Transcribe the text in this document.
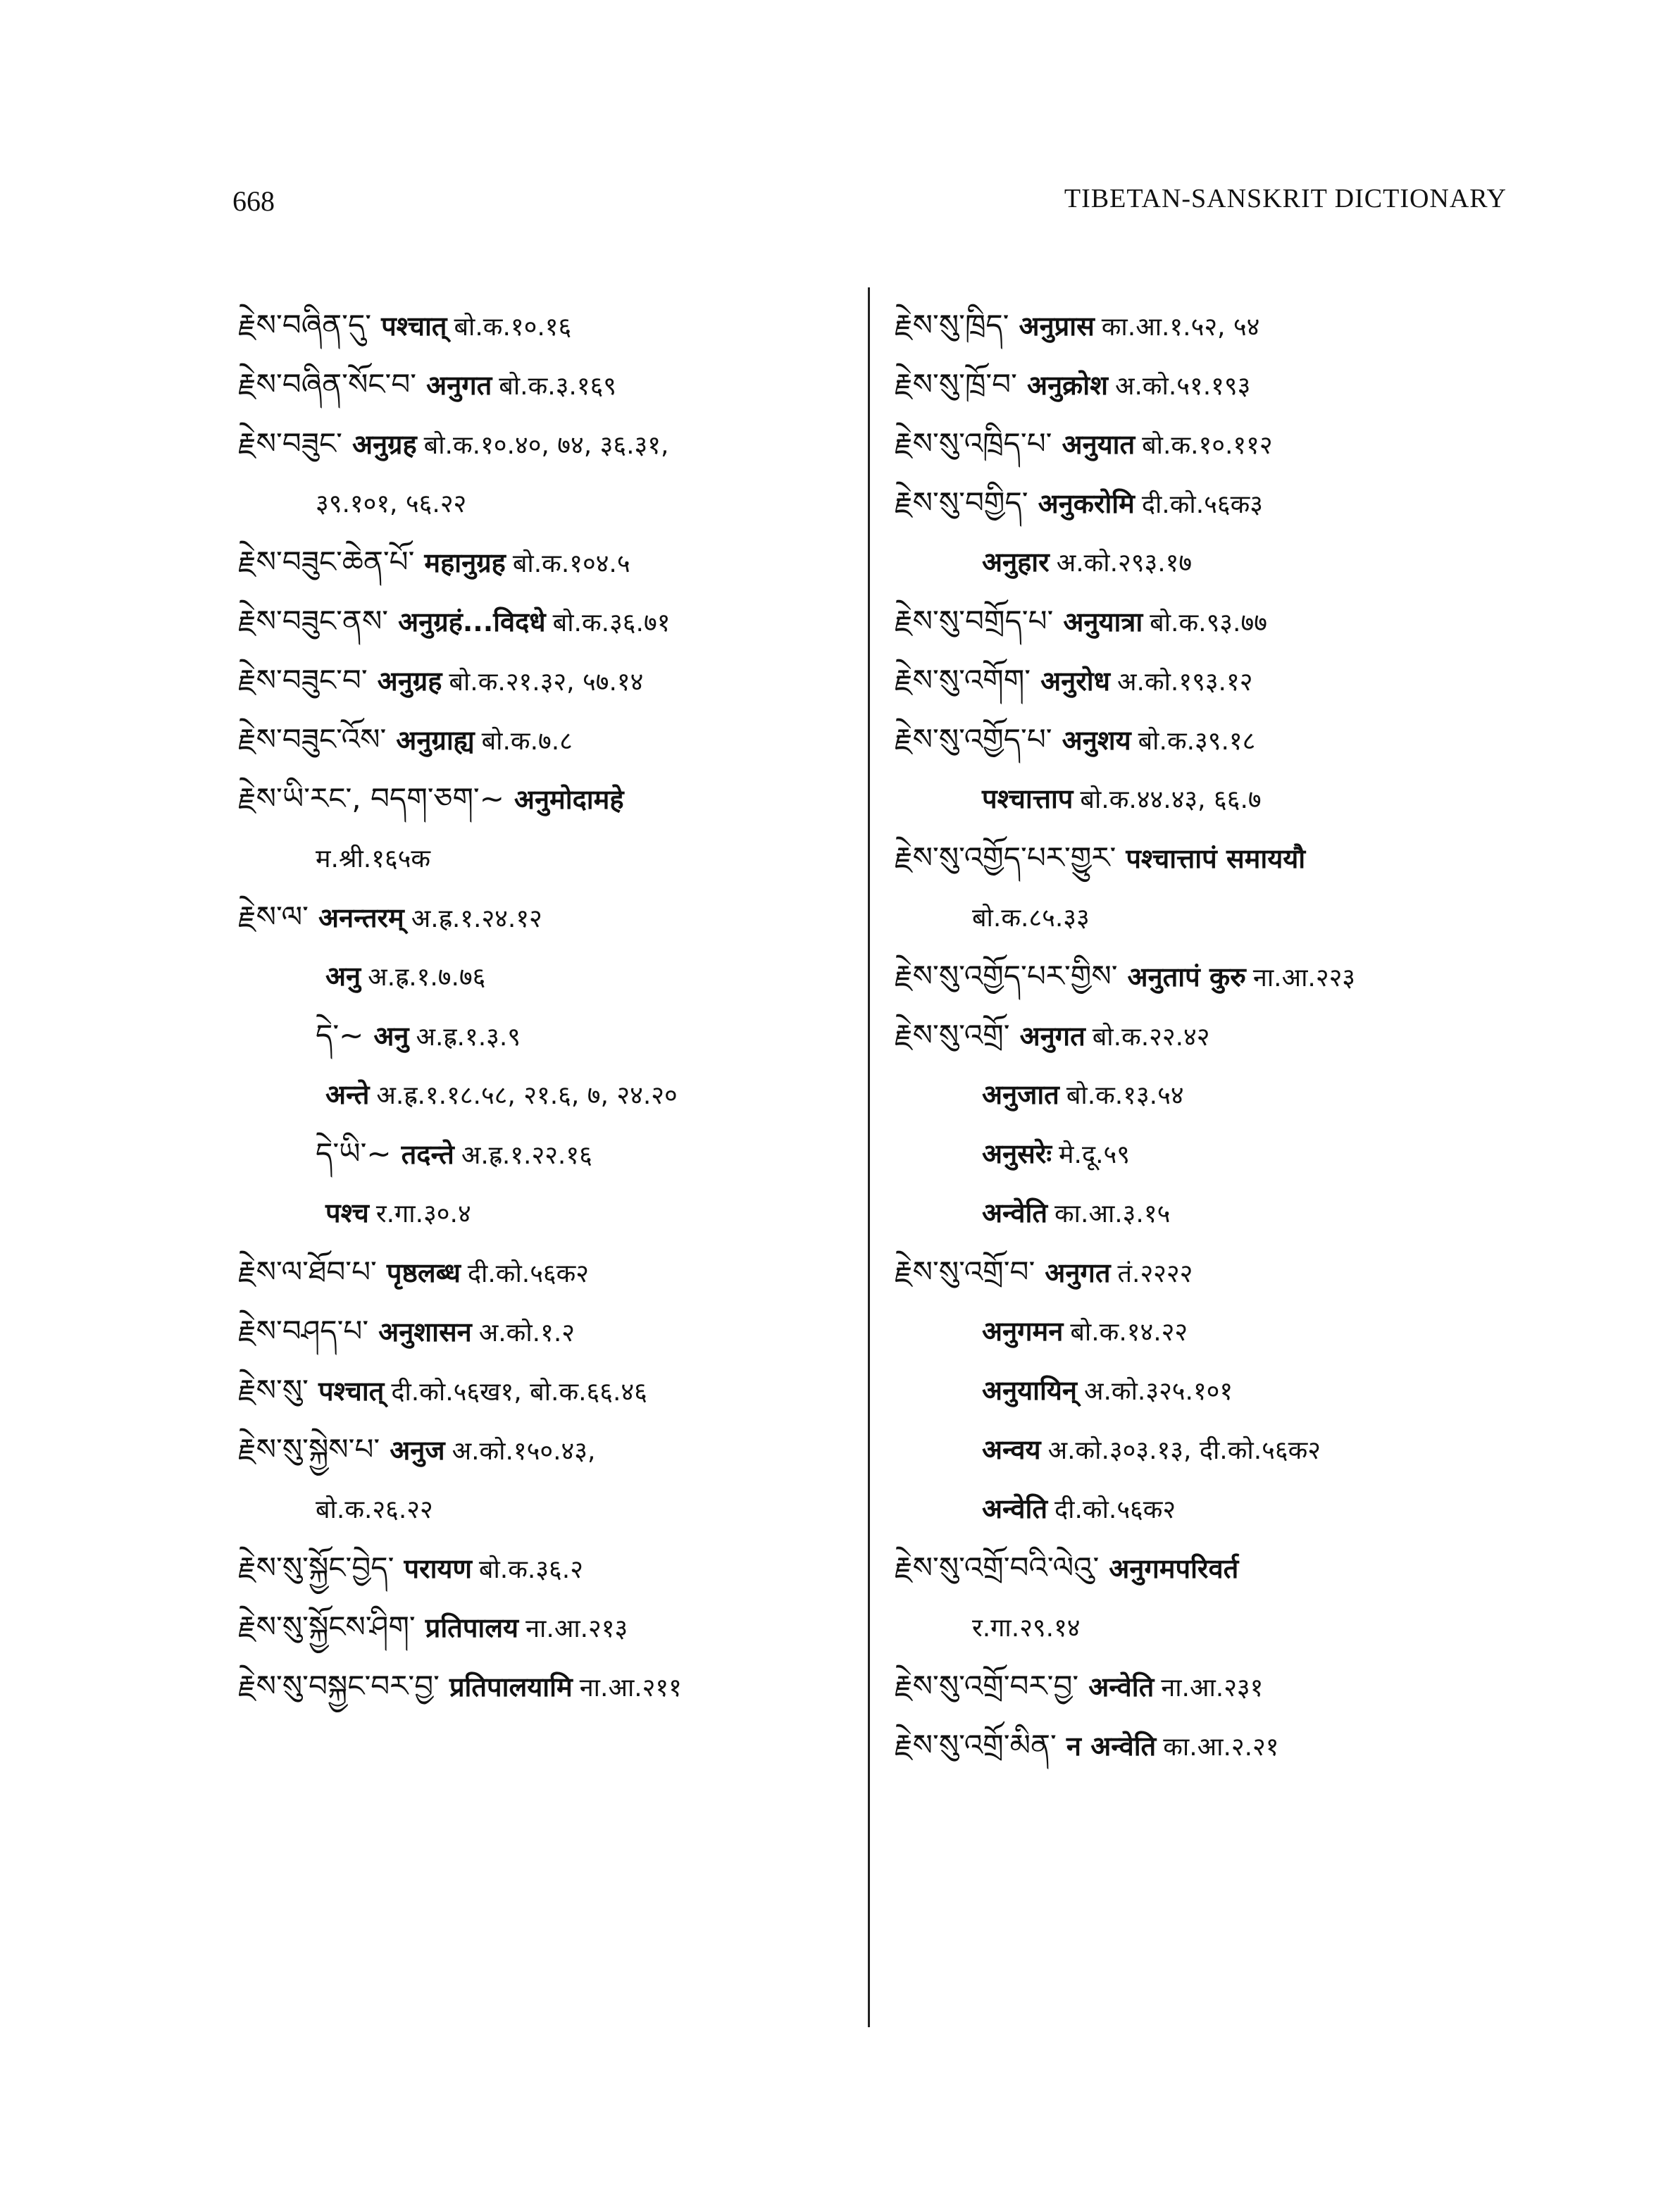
668	TIBETAN-SANSKRIT DICTIONARY
རྗེས་བཞིན་དུ་ पश्चात् बो.क.१०.१६
རྗེས་བཞིན་སོང་བ་ अनुगत बो.क.३.१६९
རྗེས་བཟུང་ अनुग्रह बो.क.१०.४०, ७४, ३६.३१,
३९.१०१, ५६.२२
རྗེས་བཟུང་ཆེན་པོ་ महानुग्रह बो.क.१०४.५
རྗེས་བཟུང་ནས་ अनुग्रहं...विदधे बो.क.३६.७१
རྗེས་བཟུང་བ་ अनुग्रह बो.क.२१.३२, ५७.१४
རྗེས་བཟུང་འོས་ अनुग्राह्य बो.क.७.८
རྗེས་ཡི་རང་, བདག་ཅག་~ अनुमोदामहे
म.श्री.१६५क
རྗེས་ལ་ अनन्तरम् अ.ह्र.१.२४.१२
अनु अ.ह्र.१.७.७६
དེ་~ अनु अ.ह्र.१.३.९
अन्ते अ.ह्र.१.१८.५८, २१.६, ७, २४.२०
དེ་ཡི་~ तदन्ते अ.ह्र.१.२२.१६
पश्च र.गा.३०.४
རྗེས་ལ་ཐོབ་པ་ पृष्ठलब्ध दी.को.५६क२
རྗེས་བཤད་པ་ अनुशासन अ.को.१.२
རྗེས་སུ་ पश्चात् दी.को.५६ख१, बो.क.६६.४६
རྗེས་སུ་སྐྱེས་པ་ अनुज अ.को.१५०.४३,
बो.क.२६.२२
རྗེས་སུ་སྐྱོང་བྱེད་ परायण बो.क.३६.२
རྗེས་སུ་སྐྱོངས་ཤིག་ प्रतिपालय ना.आ.२१३
རྗེས་སུ་བསྐྱང་བར་བྱ་ प्रतिपालयामि ना.आ.२११
རྗེས་སུ་ཁྲིད་ अनुप्रास का.आ.१.५२, ५४
རྗེས་སུ་ཁྲོ་བ་ अनुक्रोश अ.को.५१.१९३
རྗེས་སུ་འཁྲིད་པ་ अनुयात बो.क.१०.११२
རྗེས་སུ་བགྱིད་ अनुकरोमि दी.को.५६क३
अनुहार अ.को.२९३.१७
རྗེས་སུ་བགྲོད་པ་ अनुयात्रा बो.क.९३.७७
རྗེས་སུ་འགོག་ अनुरोध अ.को.१९३.१२
རྗེས་སུ་འགྱོད་པ་ अनुशय बो.क.३९.१८
पश्चात्ताप बो.क.४४.४३, ६६.७
རྗེས་སུ་འགྱོད་པར་གྱུར་ पश्चात्तापं समाययौ
बो.क.८५.३३
རྗེས་སུ་འགྱོད་པར་གྱིས་ अनुतापं कुरु ना.आ.२२३
རྗེས་སུ་འགྲོ་ अनुगत बो.क.२२.४२
अनुजात बो.क.१३.५४
अनुसरेः मे.दू.५९
अन्वेति का.आ.३.१५
རྗེས་སུ་འགྲོ་བ་ अनुगत तं.२२२२
अनुगमन बो.क.१४.२२
अनुयायिन् अ.को.३२५.१०१
अन्वय अ.को.३०३.१३, दी.को.५६क२
अन्वेति दी.को.५६क२
རྗེས་སུ་འགྲོ་བའི་ལེའུ་ अनुगमपरिवर्त
र.गा.२९.१४
རྗེས་སུ་འགྲོ་བར་བྱ་ अन्वेति ना.आ.२३१
རྗེས་སུ་འགྲོ་མིན་ न अन्वेति का.आ.२.२१
